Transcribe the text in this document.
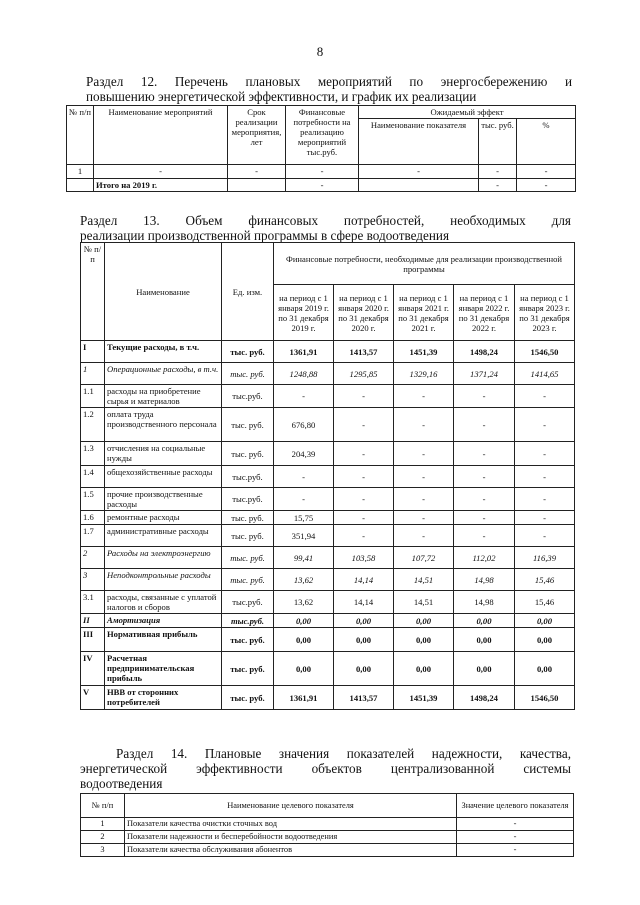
8
Раздел 12. Перечень плановых мероприятий по энергосбережению и
повышению энергетической эффективности, и график их реализации
№ п/п	Наименование мероприятий	Срок реализации мероприятия, лет	Финансовые потребности на реализацию мероприятий тыс.руб.	Ожидаемый эффект		
				Наименование показателя	тыс. руб.	%
1	-	-	-	-	-	-
	Итого на 2019 г.		-		-	-
Раздел 13. Объем финансовых потребностей, необходимых для
реализации производственной программы в сфере водоотведения
№ п/п	Наименование	Ед. изм.	Финансовые потребности, необходимые для реализации производственной программы				
			на период с 1 января 2019 г. по 31 декабря 2019 г.	на период с 1 января 2020 г. по 31 декабря 2020 г.	на период с 1 января 2021 г. по 31 декабря 2021 г.	на период с 1 января 2022 г. по 31 декабря 2022 г.	на период с 1 января 2023 г. по 31 декабря 2023 г.
I	Текущие расходы, в т.ч.	тыс. руб.	1361,91	1413,57	1451,39	1498,24	1546,50
1	Операционные расходы, в т.ч.	тыс. руб.	1248,88	1295,85	1329,16	1371,24	1414,65
1.1	расходы на приобретение сырья и материалов	тыс.руб.	-	-	-	-	-
1.2	оплата труда производственного персонала	тыс. руб.	676,80	-	-	-	-
1.3	отчисления на социальные нужды	тыс. руб.	204,39	-	-	-	-
1.4	общехозяйственные расходы	тыс.руб.	-	-	-	-	-
1.5	прочие производственные расходы	тыс.руб.	-	-	-	-	-
1.6	ремонтные расходы	тыс. руб.	15,75	-	-	-	-
1.7	административные расходы	тыс. руб.	351,94	-	-	-	-
2	Расходы на электроэнергию	тыс. руб.	99,41	103,58	107,72	112,02	116,39
3	Неподконтрольные расходы	тыс. руб.	13,62	14,14	14,51	14,98	15,46
3.1	расходы, связанные с уплатой налогов и сборов	тыс.руб.	13,62	14,14	14,51	14,98	15,46
II	Амортизация	тыс.руб.	0,00	0,00	0,00	0,00	0,00
III	Нормативная прибыль	тыс. руб.	0,00	0,00	0,00	0,00	0,00
IV	Расчетная предпринимательская прибыль	тыс. руб.	0,00	0,00	0,00	0,00	0,00
V	НВВ от сторонних потребителей	тыс. руб.	1361,91	1413,57	1451,39	1498,24	1546,50
Раздел 14. Плановые значения показателей надежности, качества,
энергетической эффективности объектов централизованной системы
водоотведения
№ п/п	Наименование целевого показателя	Значение целевого показателя
1	Показатели качества очистки сточных вод	-
2	Показатели надежности и бесперебойности водоотведения	-
3	Показатели качества обслуживания абонентов	-
